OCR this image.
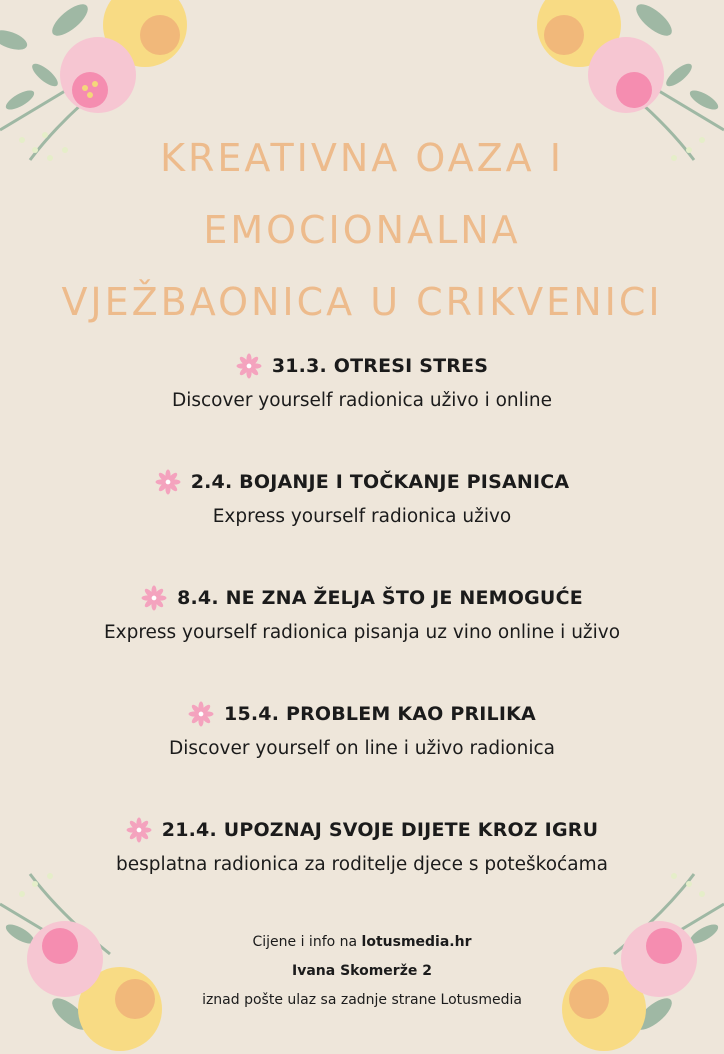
KREATIVNA OAZA I
EMOCIONALNA
VJEŽBAONICA U CRIKVENICI
31.3. OTRESI STRES
Discover yourself radionica uživo i online
2.4. BOJANJE I TOČKANJE PISANICA
Express yourself radionica uživo
8.4. NE ZNA ŽELJA ŠTO JE NEMOGUĆE
Express yourself radionica pisanja uz vino online i uživo
15.4. PROBLEM KAO PRILIKA
Discover yourself on line i uživo radionica
21.4. UPOZNAJ SVOJE DIJETE KROZ IGRU
besplatna radionica za roditelje djece s poteškoćama
Cijene i info na lotusmedia.hr
Ivana Skomerže 2
iznad pošte ulaz sa zadnje strane Lotusmedia
